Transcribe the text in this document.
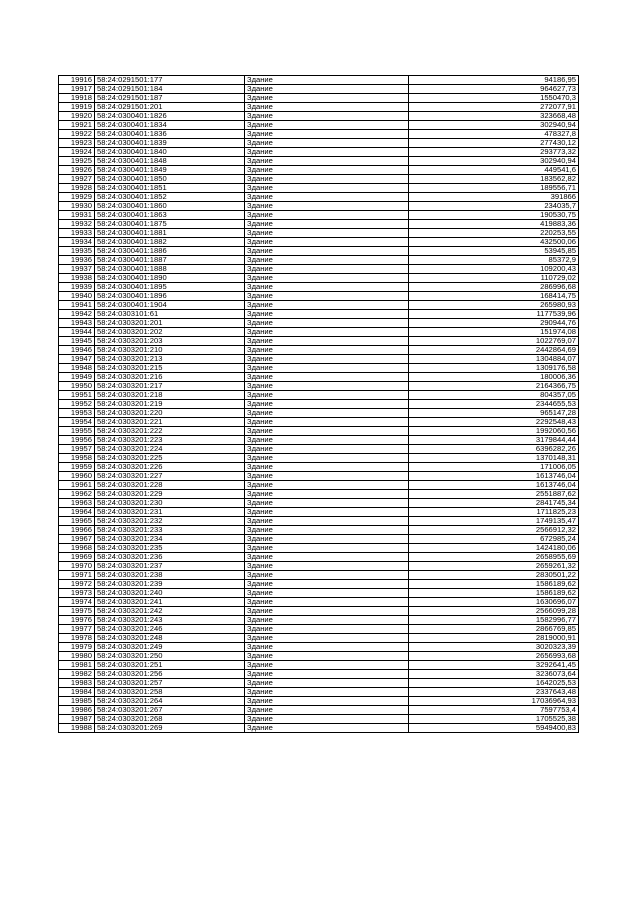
19916	58:24:0291501:177	Здание	94186,95
19917	58:24:0291501:184	Здание	964627,73
19918	58:24:0291501:187	Здание	1550470,3
19919	58:24:0291501:201	Здание	272077,91
19920	58:24:0300401:1826	Здание	323668,48
19921	58:24:0300401:1834	Здание	302940,94
19922	58:24:0300401:1836	Здание	478327,8
19923	58:24:0300401:1839	Здание	277430,12
19924	58:24:0300401:1840	Здание	293773,32
19925	58:24:0300401:1848	Здание	302940,94
19926	58:24:0300401:1849	Здание	449541,6
19927	58:24:0300401:1850	Здание	183562,82
19928	58:24:0300401:1851	Здание	189556,71
19929	58:24:0300401:1852	Здание	391866
19930	58:24:0300401:1860	Здание	234035,7
19931	58:24:0300401:1863	Здание	190530,75
19932	58:24:0300401:1875	Здание	419883,36
19933	58:24:0300401:1881	Здание	220253,55
19934	58:24:0300401:1882	Здание	432500,06
19935	58:24:0300401:1886	Здание	53945,85
19936	58:24:0300401:1887	Здание	85372,9
19937	58:24:0300401:1888	Здание	109200,43
19938	58:24:0300401:1890	Здание	110729,02
19939	58:24:0300401:1895	Здание	286996,68
19940	58:24:0300401:1896	Здание	168414,75
19941	58:24:0300401:1904	Здание	265980,93
19942	58:24:0303101:61	Здание	1177539,96
19943	58:24:0303201:201	Здание	290944,76
19944	58:24:0303201:202	Здание	151974,08
19945	58:24:0303201:203	Здание	1022769,07
19946	58:24:0303201:210	Здание	2442864,69
19947	58:24:0303201:213	Здание	1304884,07
19948	58:24:0303201:215	Здание	1309176,58
19949	58:24:0303201:216	Здание	180006,36
19950	58:24:0303201:217	Здание	2164366,75
19951	58:24:0303201:218	Здание	804357,05
19952	58:24:0303201:219	Здание	2344655,53
19953	58:24:0303201:220	Здание	965147,28
19954	58:24:0303201:221	Здание	2292548,43
19955	58:24:0303201:222	Здание	1992060,56
19956	58:24:0303201:223	Здание	3179844,44
19957	58:24:0303201:224	Здание	6396282,26
19958	58:24:0303201:225	Здание	1370148,31
19959	58:24:0303201:226	Здание	171006,05
19960	58:24:0303201:227	Здание	1613746,04
19961	58:24:0303201:228	Здание	1613746,04
19962	58:24:0303201:229	Здание	2551887,62
19963	58:24:0303201:230	Здание	2841745,34
19964	58:24:0303201:231	Здание	1711825,23
19965	58:24:0303201:232	Здание	1749135,47
19966	58:24:0303201:233	Здание	2566912,32
19967	58:24:0303201:234	Здание	672985,24
19968	58:24:0303201:235	Здание	1424180,06
19969	58:24:0303201:236	Здание	2658955,69
19970	58:24:0303201:237	Здание	2659261,32
19971	58:24:0303201:238	Здание	2830501,22
19972	58:24:0303201:239	Здание	1586189,62
19973	58:24:0303201:240	Здание	1586189,62
19974	58:24:0303201:241	Здание	1630696,07
19975	58:24:0303201:242	Здание	2566099,28
19976	58:24:0303201:243	Здание	1582996,77
19977	58:24:0303201:246	Здание	2866769,85
19978	58:24:0303201:248	Здание	2819000,91
19979	58:24:0303201:249	Здание	3020323,39
19980	58:24:0303201:250	Здание	2656993,68
19981	58:24:0303201:251	Здание	3292641,45
19982	58:24:0303201:256	Здание	3236073,64
19983	58:24:0303201:257	Здание	1642025,53
19984	58:24:0303201:258	Здание	2337643,48
19985	58:24:0303201:264	Здание	17036964,93
19986	58:24:0303201:267	Здание	7597753,4
19987	58:24:0303201:268	Здание	1705525,38
19988	58:24:0303201:269	Здание	5949400,83
